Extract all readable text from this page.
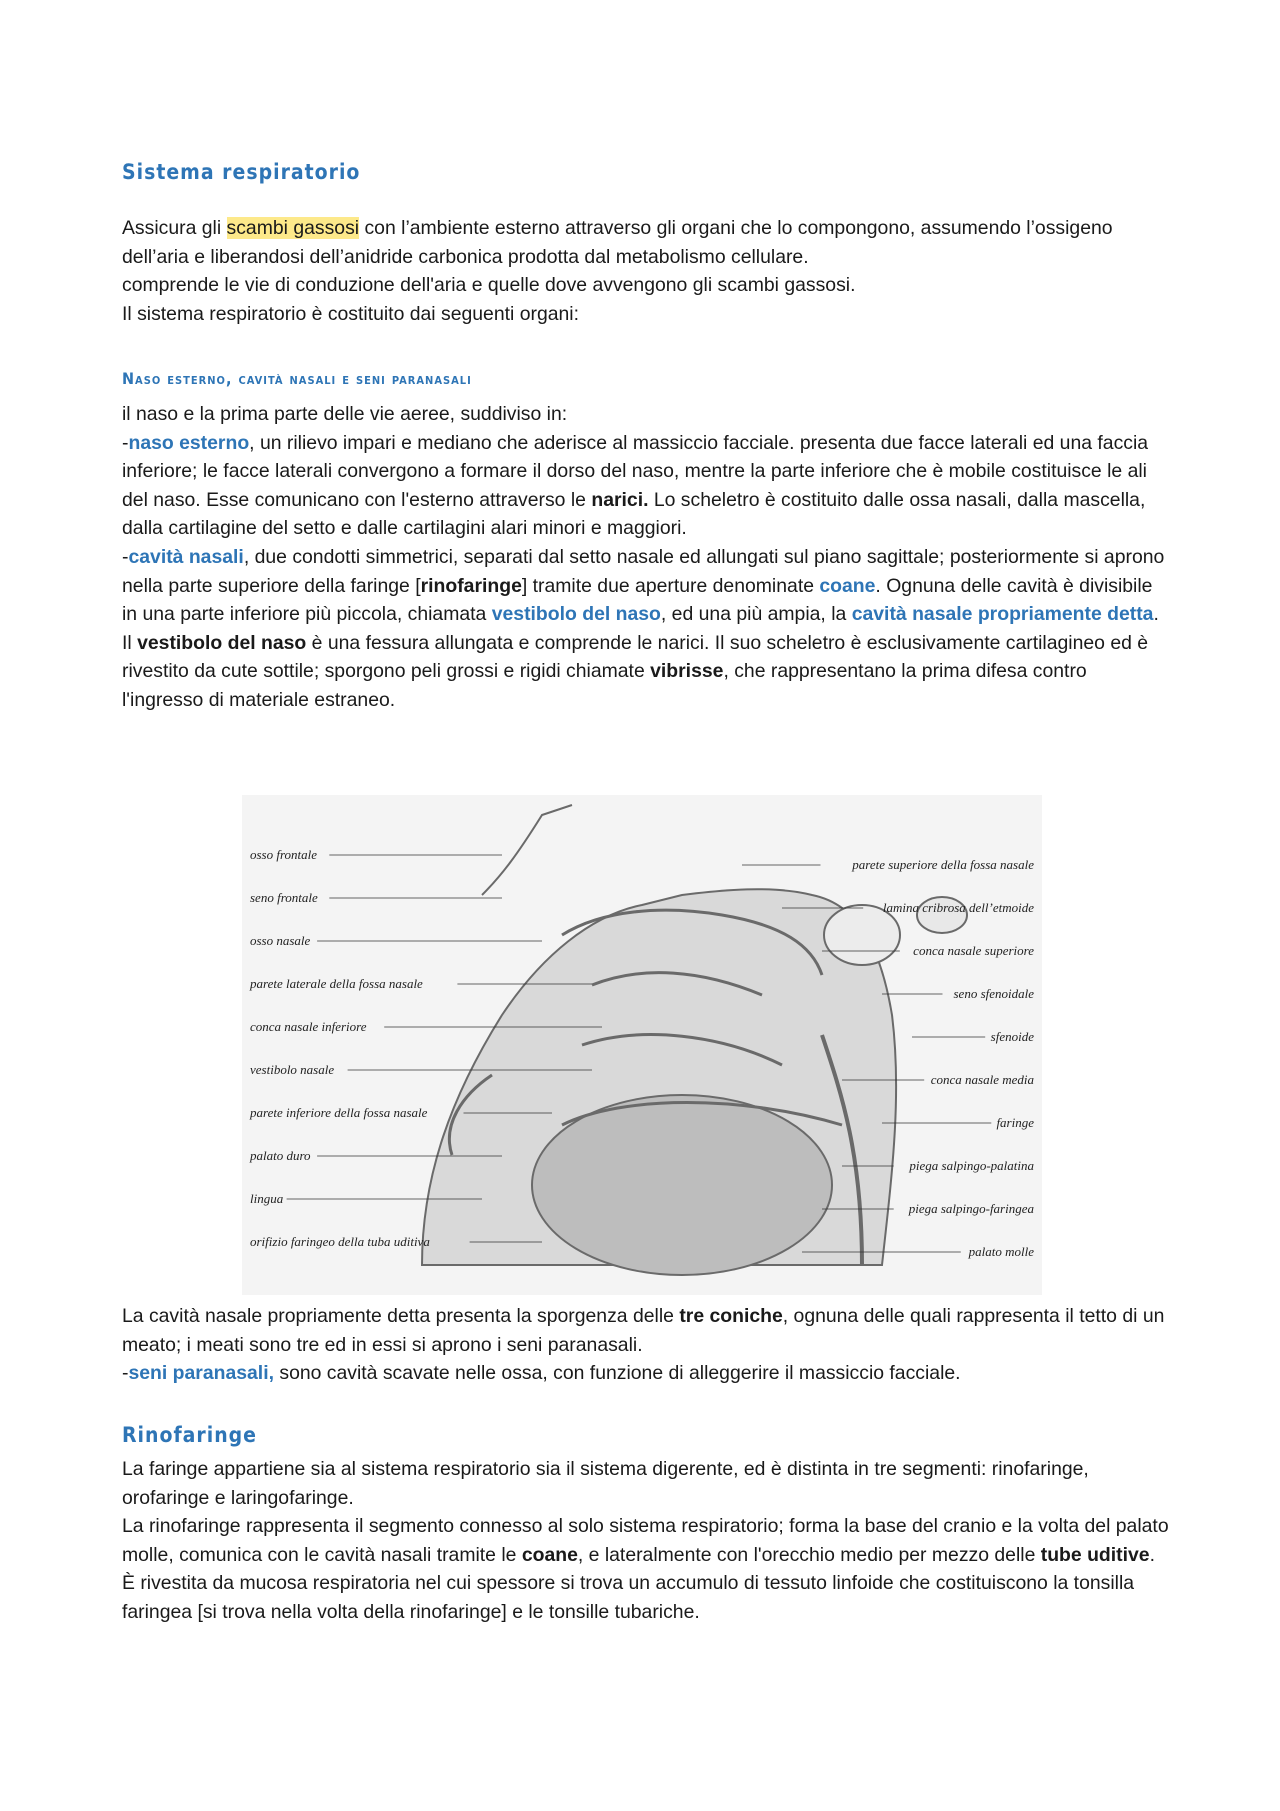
Sistema respiratorio

Assicura gli scambi gassosi con l’ambiente esterno attraverso gli organi che lo compongono, assumendo l’ossigeno dell’aria e liberandosi dell’anidride carbonica prodotta dal metabolismo cellulare.
comprende le vie di conduzione dell'aria e quelle dove avvengono gli scambi gassosi.
Il sistema respiratorio è costituito dai seguenti organi:

Naso esterno, cavità nasali e seni paranasali

il naso e la prima parte delle vie aeree, suddiviso in:
-naso esterno, un rilievo impari e mediano che aderisce al massiccio facciale. presenta due facce laterali ed una faccia inferiore; le facce laterali convergono a formare il dorso del naso, mentre la parte inferiore che è mobile costituisce le ali del naso. Esse comunicano con l'esterno attraverso le narici. Lo scheletro è costituito dalle ossa nasali, dalla mascella, dalla cartilagine del setto e dalle cartilagini alari minori e maggiori.
-cavità nasali, due condotti simmetrici, separati dal setto nasale ed allungati sul piano sagittale; posteriormente si aprono nella parte superiore della faringe [rinofaringe] tramite due aperture denominate coane. Ognuna delle cavità è divisibile in una parte inferiore più piccola, chiamata vestibolo del naso, ed una più ampia, la cavità nasale propriamente detta.
Il vestibolo del naso è una fessura allungata e comprende le narici. Il suo scheletro è esclusivamente cartilagineo ed è rivestito da cute sottile; sporgono peli grossi e rigidi chiamate vibrisse, che rappresentano la prima difesa contro l'ingresso di materiale estraneo.

La cavità nasale propriamente detta presenta la sporgenza delle tre coniche, ognuna delle quali rappresenta il tetto di un meato; i meati sono tre ed in essi si aprono i seni paranasali.
-seni paranasali, sono cavità scavate nelle ossa, con funzione di alleggerire il massiccio facciale.

Rinofaringe

La faringe appartiene sia al sistema respiratorio sia il sistema digerente, ed è distinta in tre segmenti: rinofaringe, orofaringe e laringofaringe.
La rinofaringe rappresenta il segmento connesso al solo sistema respiratorio; forma la base del cranio e la volta del palato molle, comunica con le cavità nasali tramite le coane, e lateralmente con l'orecchio medio per mezzo delle tube uditive. È rivestita da mucosa respiratoria nel cui spessore si trova un accumulo di tessuto linfoide che costituiscono la tonsilla faringea [si trova nella volta della rinofaringe] e le tonsille tubariche.

osso frontale
seno frontale
osso nasale
parete laterale della fossa nasale
conca nasale inferiore
vestibolo nasale
parete inferiore della fossa nasale
palato duro
lingua
orifizio faringeo della tuba uditiva
parete superiore della fossa nasale
lamina cribrosa dell’etmoide
conca nasale superiore
seno sfenoidale
sfenoide
conca nasale media
faringe
piega salpingo-palatina
piega salpingo-faringea
palato molle
